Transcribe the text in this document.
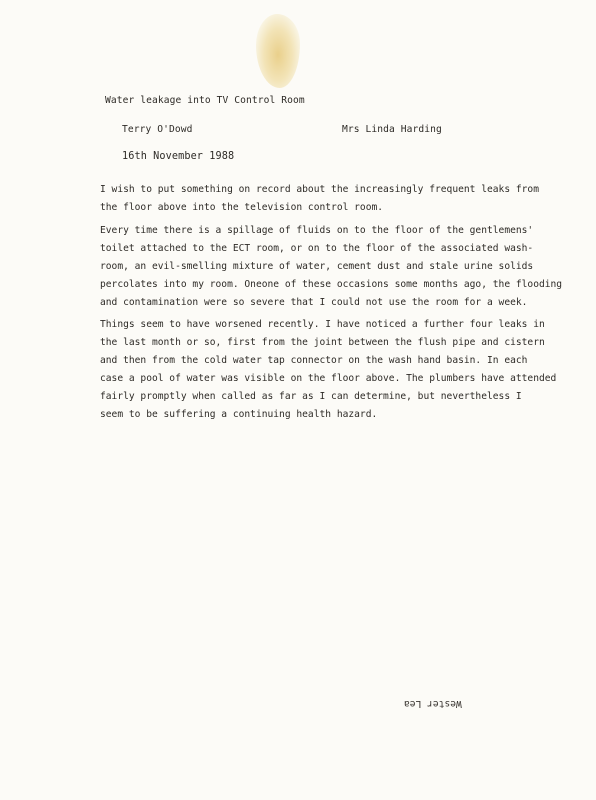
Water leakage into TV Control Room
Terry O'Dowd	Mrs Linda Harding
16th November 1988
I wish to put something on record about the increasingly frequent leaks from
the floor above into the television control room.
Every time there is a spillage of fluids on to the floor of the gentlemens'
toilet attached to the ECT room, or on to the floor of the associated wash-
room, an evil-smelling mixture of water, cement dust and stale urine solids
percolates into my room. Oneone of these occasions some months ago, the flooding
and contamination were so severe that I could not use the room for a week.
Things seem to have worsened recently. I have noticed a further four leaks in
the last month or so, first from the joint between the flush pipe and cistern
and then from the cold water tap connector on the wash hand basin. In each
case a pool of water was visible on the floor above. The plumbers have attended
fairly promptly when called as far as I can determine, but nevertheless I
seem to be suffering a continuing health hazard.
Wester Lea
